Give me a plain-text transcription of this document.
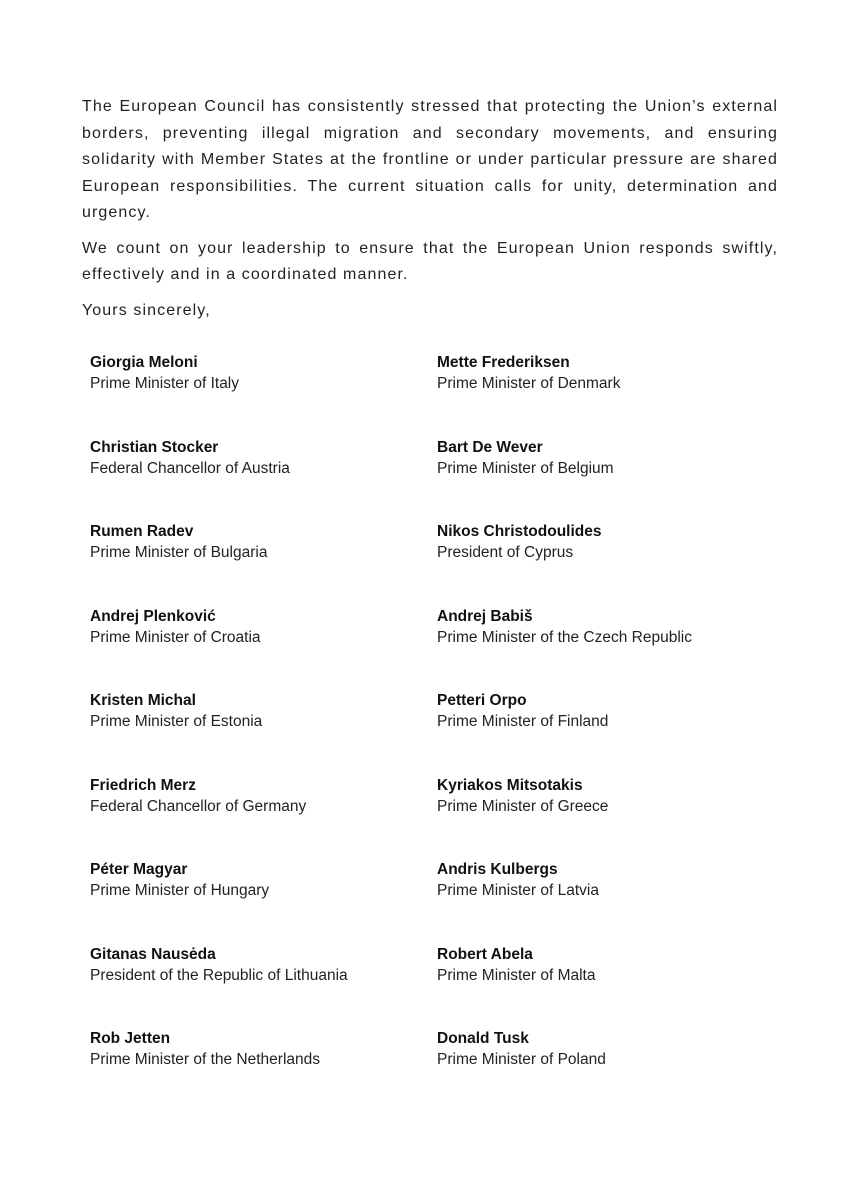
The European Council has consistently stressed that protecting the Union’s external borders, preventing illegal migration and secondary movements, and ensuring solidarity with Member States at the frontline or under particular pressure are shared European responsibilities. The current situation calls for unity, determination and urgency.

We count on your leadership to ensure that the European Union responds swiftly, effectively and in a coordinated manner.

Yours sincerely,

Giorgia Meloni
Prime Minister of Italy
Mette Frederiksen
Prime Minister of Denmark
Christian Stocker
Federal Chancellor of Austria
Bart De Wever
Prime Minister of Belgium
Rumen Radev
Prime Minister of Bulgaria
Nikos Christodoulides
President of Cyprus
Andrej Plenković
Prime Minister of Croatia
Andrej Babiš
Prime Minister of the Czech Republic
Kristen Michal
Prime Minister of Estonia
Petteri Orpo
Prime Minister of Finland
Friedrich Merz
Federal Chancellor of Germany
Kyriakos Mitsotakis
Prime Minister of Greece
Péter Magyar
Prime Minister of Hungary
Andris Kulbergs
Prime Minister of Latvia
Gitanas Nausėda
President of the Republic of Lithuania
Robert Abela
Prime Minister of Malta
Rob Jetten
Prime Minister of the Netherlands
Donald Tusk
Prime Minister of Poland
